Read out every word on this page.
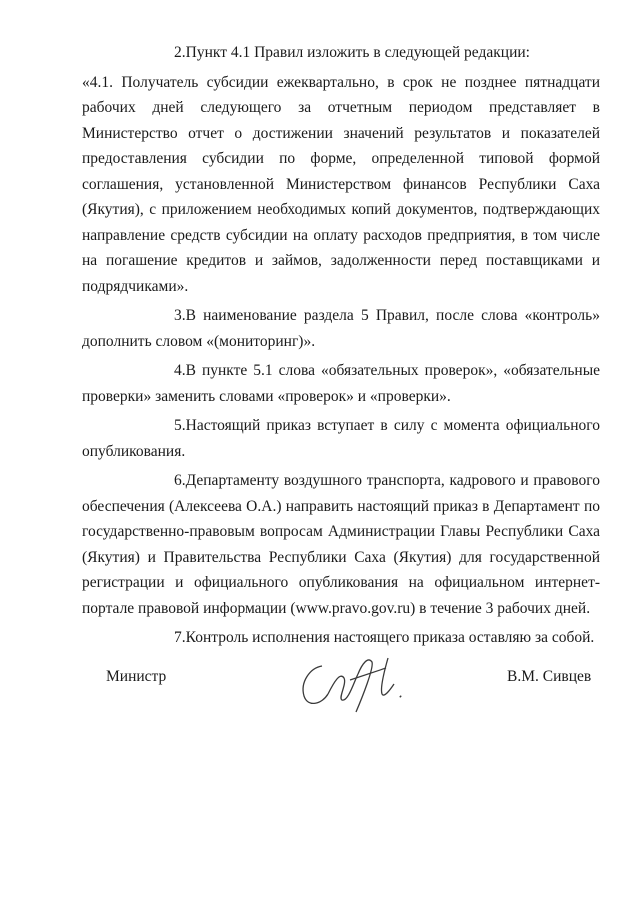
2.Пункт 4.1 Правил изложить в следующей редакции:

«4.1. Получатель субсидии ежеквартально, в срок не позднее пятнадцати рабочих дней следующего за отчетным периодом представляет в Министерство отчет о достижении значений результатов и показателей предоставления субсидии по форме, определенной типовой формой соглашения, установленной Министерством финансов Республики Саха (Якутия), с приложением необходимых копий документов, подтверждающих направление средств субсидии на оплату расходов предприятия, в том числе на погашение кредитов и займов, задолженности перед поставщиками и подрядчиками».

3.В наименование раздела 5 Правил, после слова «контроль» дополнить словом «(мониторинг)».

4.В пункте 5.1 слова «обязательных проверок», «обязательные проверки» заменить словами «проверок» и «проверки».

5.Настоящий приказ вступает в силу с момента официального опубликования.

6.Департаменту воздушного транспорта, кадрового и правового обеспечения (Алексеева О.А.) направить настоящий приказ в Департамент по государственно-правовым вопросам Администрации Главы Республики Саха (Якутия) и Правительства Республики Саха (Якутия) для государственной регистрации и официального опубликования на официальном интернет-портале правовой информации (www.pravo.gov.ru) в течение 3 рабочих дней.

7.Контроль исполнения настоящего приказа оставляю за собой.

Министр	В.М. Сивцев
